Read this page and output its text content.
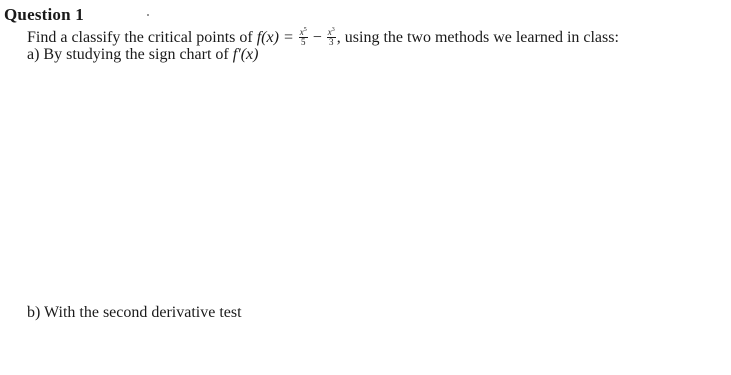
Question 1
Find a classify the critical points of $f(x) = \frac{x^5}{5} - \frac{x^3}{3}$ , using the two methods we learned in class:
a) By studying the sign chart of f′(x)
b) With the second derivative test
